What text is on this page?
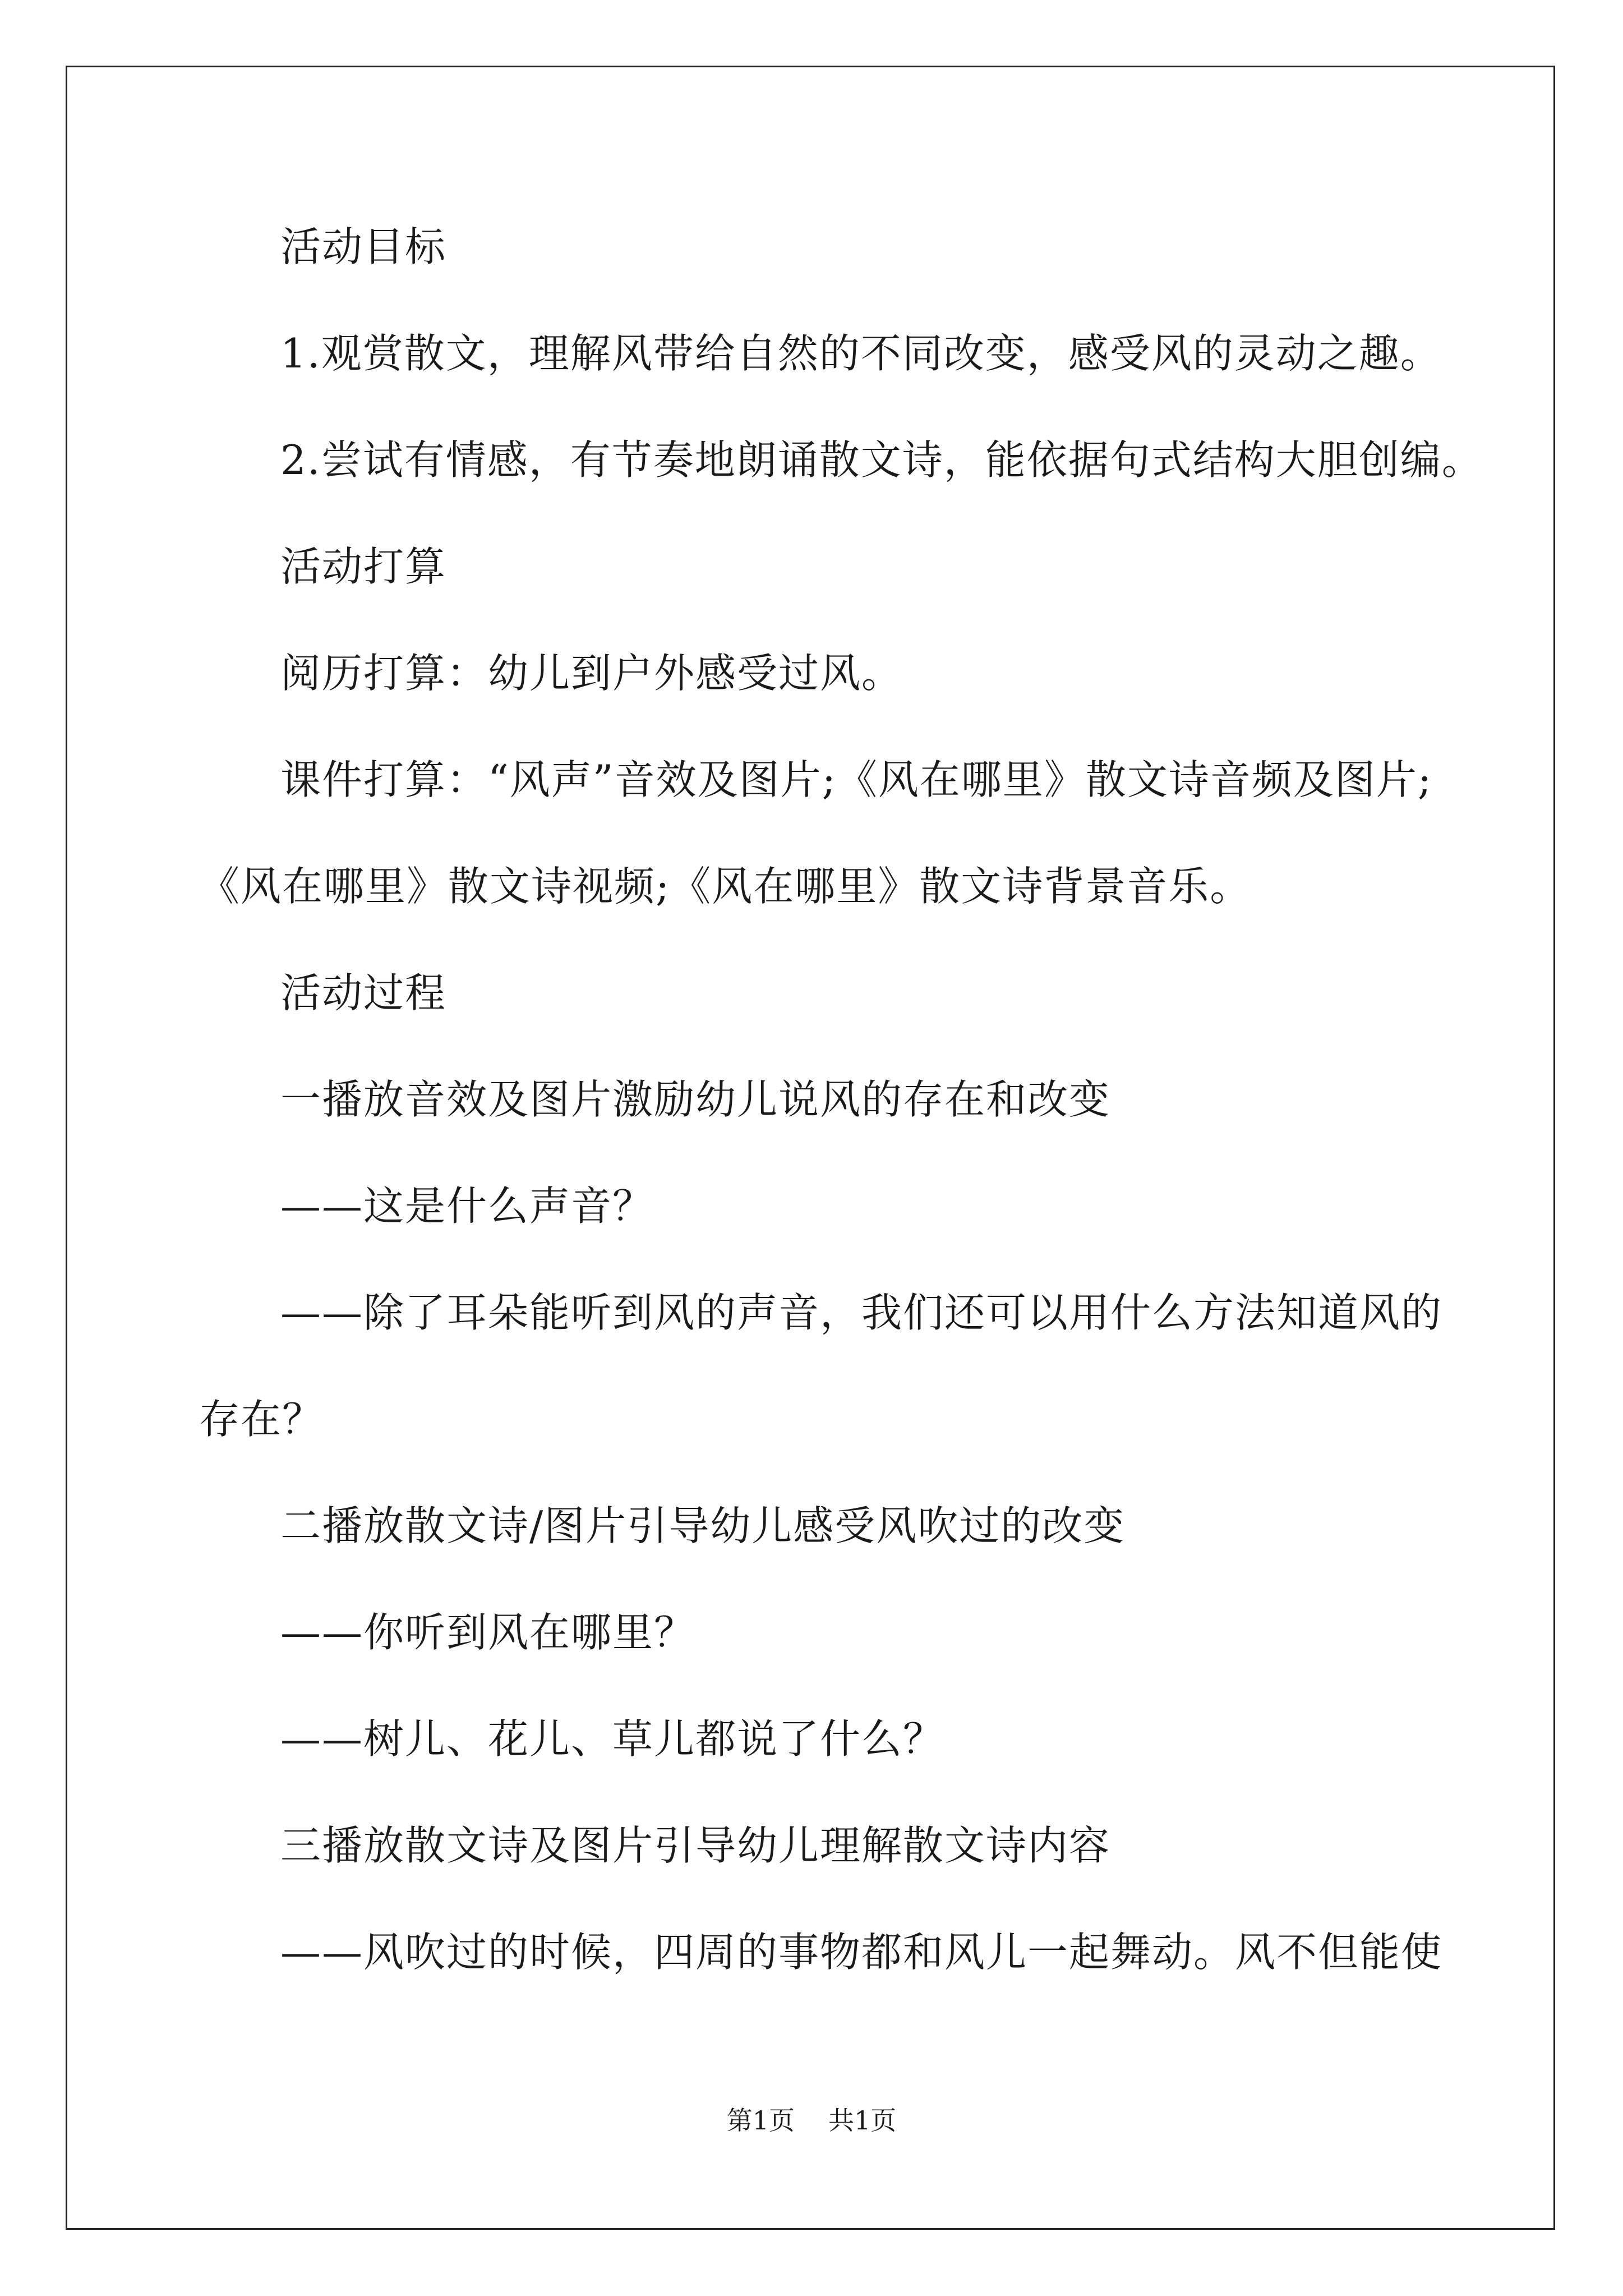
活动目标
1.观赏散文，理解风带给自然的不同改变，感受风的灵动之趣。
2.尝试有情感，有节奏地朗诵散文诗，能依据句式结构大胆创编。
活动打算
阅历打算：幼儿到户外感受过风。
课件打算：“风声”音效及图片;《风在哪里》散文诗音频及图片;
《风在哪里》散文诗视频;《风在哪里》散文诗背景音乐。
活动过程
一播放音效及图片激励幼儿说风的存在和改变
——这是什么声音？
——除了耳朵能听到风的声音，我们还可以用什么方法知道风的
存在？
二播放散文诗/图片引导幼儿感受风吹过的改变
——你听到风在哪里？
——树儿、花儿、草儿都说了什么？
三播放散文诗及图片引导幼儿理解散文诗内容
——风吹过的时候，四周的事物都和风儿一起舞动。风不但能使
第1页 共1页
